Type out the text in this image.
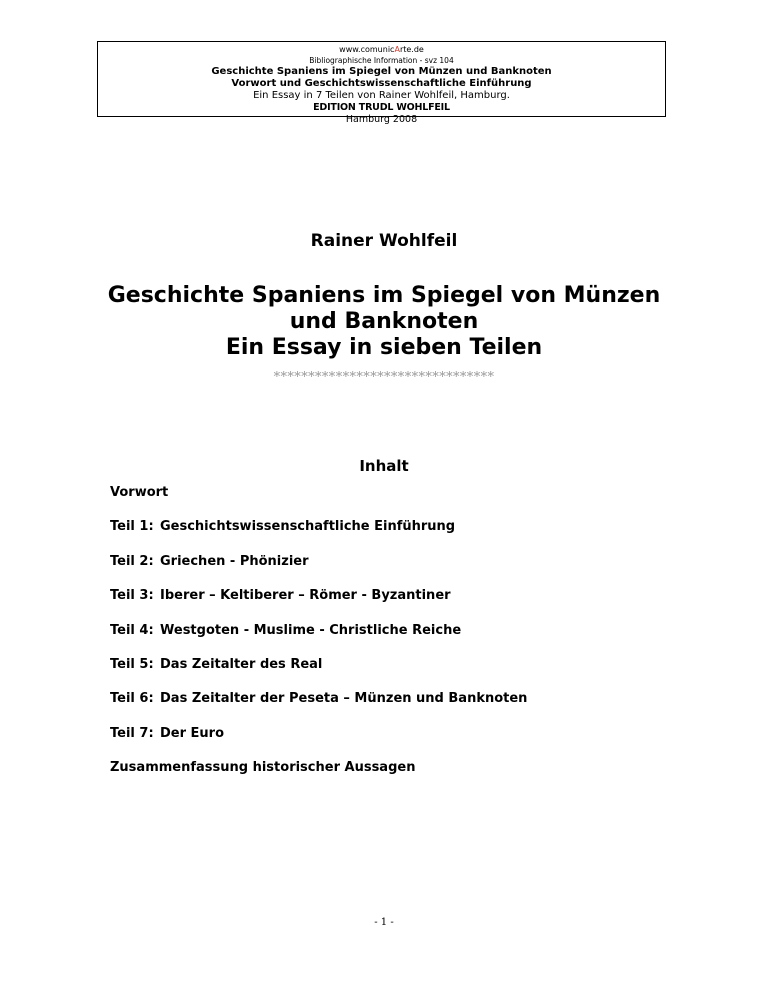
www.comunicArte.de
Bibliographische Information - svz 104
Geschichte Spaniens im Spiegel von Münzen und Banknoten
Vorwort und Geschichtswissenschaftliche Einführung
Ein Essay in 7 Teilen von Rainer Wohlfeil, Hamburg.
EDITION TRUDL WOHLFEIL
Hamburg 2008
Rainer Wohlfeil
Geschichte Spaniens im Spiegel von Münzen
und Banknoten
Ein Essay in sieben Teilen
********************************
Inhalt
Vorwort
Teil 1: Geschichtswissenschaftliche Einführung
Teil 2: Griechen - Phönizier
Teil 3: Iberer – Keltiberer – Römer - Byzantiner
Teil 4: Westgoten - Muslime - Christliche Reiche
Teil 5: Das Zeitalter des Real
Teil 6: Das Zeitalter der Peseta – Münzen und Banknoten
Teil 7: Der Euro
Zusammenfassung historischer Aussagen
- 1 -
